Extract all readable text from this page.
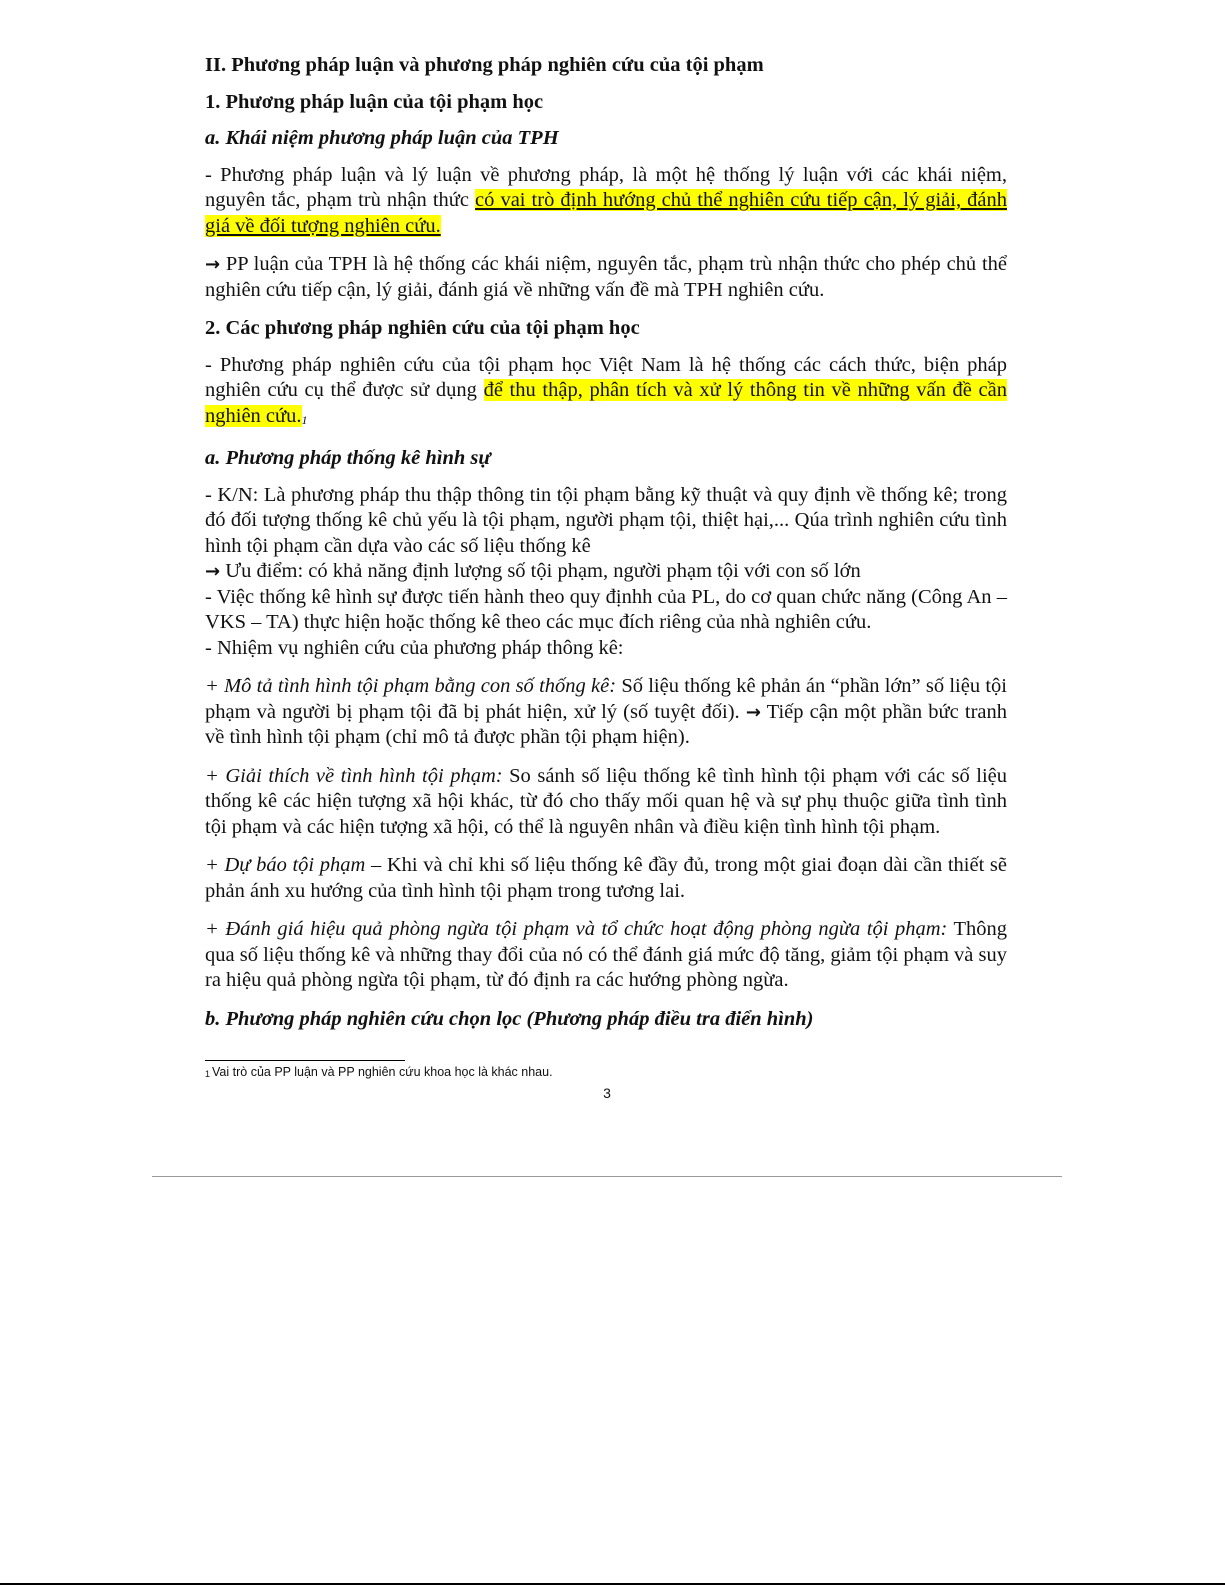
II. Phương pháp luận và phương pháp nghiên cứu của tội phạm
1. Phương pháp luận của tội phạm học
a. Khái niệm phương pháp luận của TPH

- Phương pháp luận và lý luận về phương pháp, là một hệ thống lý luận với các khái niệm, nguyên tắc, phạm trù nhận thức có vai trò định hướng chủ thể nghiên cứu tiếp cận, lý giải, đánh giá về đối tượng nghiên cứu.

→ PP luận của TPH là hệ thống các khái niệm, nguyên tắc, phạm trù nhận thức cho phép chủ thể nghiên cứu tiếp cận, lý giải, đánh giá về những vấn đề mà TPH nghiên cứu.

2. Các phương pháp nghiên cứu của tội phạm học

- Phương pháp nghiên cứu của tội phạm học Việt Nam là hệ thống các cách thức, biện pháp nghiên cứu cụ thể được sử dụng để thu thập, phân tích và xử lý thông tin về những vấn đề cần nghiên cứu.1

a. Phương pháp thống kê hình sự

- K/N: Là phương pháp thu thập thông tin tội phạm bằng kỹ thuật và quy định về thống kê; trong đó đối tượng thống kê chủ yếu là tội phạm, người phạm tội, thiệt hại,... Qúa trình nghiên cứu tình hình tội phạm cần dựa vào các số liệu thống kê

→ Ưu điểm: có khả năng định lượng số tội phạm, người phạm tội với con số lớn

- Việc thống kê hình sự được tiến hành theo quy địnhh của PL, do cơ quan chức năng (Công An – VKS – TA) thực hiện hoặc thống kê theo các mục đích riêng của nhà nghiên cứu.

- Nhiệm vụ nghiên cứu của phương pháp thông kê:

+ Mô tả tình hình tội phạm bằng con số thống kê: Số liệu thống kê phản án “phần lớn” số liệu tội phạm và người bị phạm tội đã bị phát hiện, xử lý (số tuyệt đối). → Tiếp cận một phần bức tranh về tình hình tội phạm (chỉ mô tả được phần tội phạm hiện).

+ Giải thích về tình hình tội phạm: So sánh số liệu thống kê tình hình tội phạm với các số liệu thống kê các hiện tượng xã hội khác, từ đó cho thấy mối quan hệ và sự phụ thuộc giữa tình tình tội phạm và các hiện tượng xã hội, có thể là nguyên nhân và điều kiện tình hình tội phạm.

+ Dự báo tội phạm – Khi và chỉ khi số liệu thống kê đầy đủ, trong một giai đoạn dài cần thiết sẽ phản ánh xu hướng của tình hình tội phạm trong tương lai.

+ Đánh giá hiệu quả phòng ngừa tội phạm và tổ chức hoạt động phòng ngừa tội phạm: Thông qua số liệu thống kê và những thay đổi của nó có thể đánh giá mức độ tăng, giảm tội phạm và suy ra hiệu quả phòng ngừa tội phạm, từ đó định ra các hướng phòng ngừa.

b. Phương pháp nghiên cứu chọn lọc (Phương pháp điều tra điển hình)
1 Vai trò của PP luận và PP nghiên cứu khoa học là khác nhau.
3
